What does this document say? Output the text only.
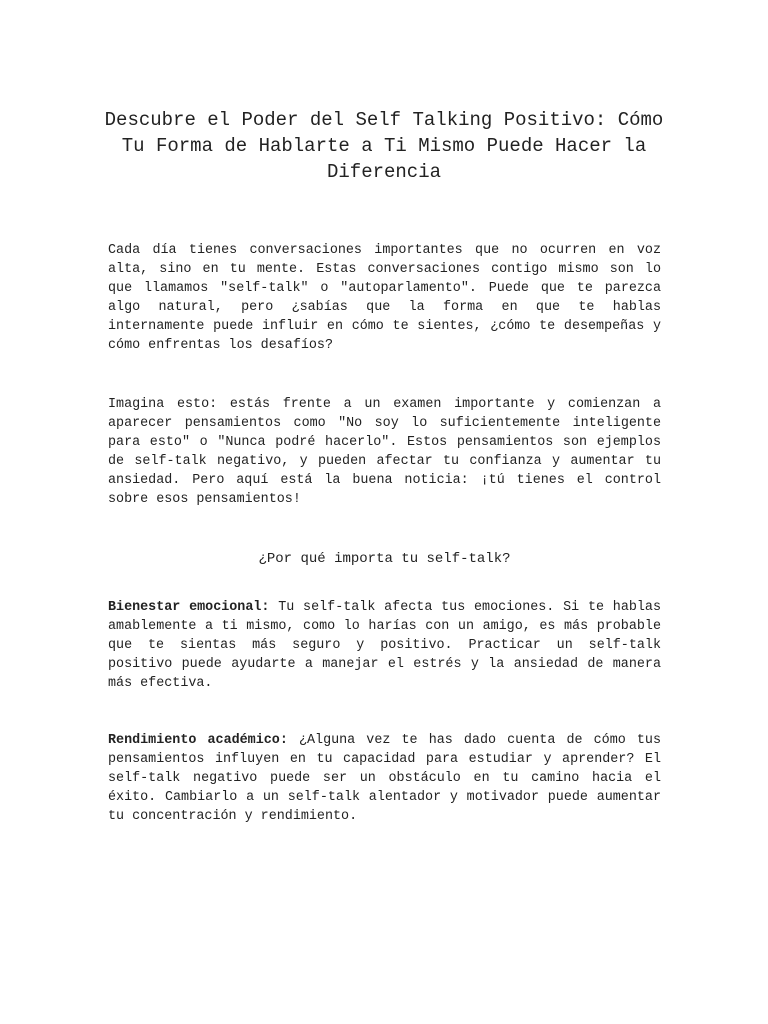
Descubre el Poder del Self Talking Positivo: Cómo Tu Forma de Hablarte a Ti Mismo Puede Hacer la Diferencia

Cada día tienes conversaciones importantes que no ocurren en voz alta, sino en tu mente. Estas conversaciones contigo mismo son lo que llamamos "self-talk" o "autoparlamento". Puede que te parezca algo natural, pero ¿sabías que la forma en que te hablas internamente puede influir en cómo te sientes, ¿cómo te desempeñas y cómo enfrentas los desafíos?

Imagina esto: estás frente a un examen importante y comienzan a aparecer pensamientos como "No soy lo suficientemente inteligente para esto" o "Nunca podré hacerlo". Estos pensamientos son ejemplos de self-talk negativo, y pueden afectar tu confianza y aumentar tu ansiedad. Pero aquí está la buena noticia: ¡tú tienes el control sobre esos pensamientos!

¿Por qué importa tu self-talk?

Bienestar emocional: Tu self-talk afecta tus emociones. Si te hablas amablemente a ti mismo, como lo harías con un amigo, es más probable que te sientas más seguro y positivo. Practicar un self-talk positivo puede ayudarte a manejar el estrés y la ansiedad de manera más efectiva.

Rendimiento académico: ¿Alguna vez te has dado cuenta de cómo tus pensamientos influyen en tu capacidad para estudiar y aprender? El self-talk negativo puede ser un obstáculo en tu camino hacia el éxito. Cambiarlo a un self-talk alentador y motivador puede aumentar tu concentración y rendimiento.
